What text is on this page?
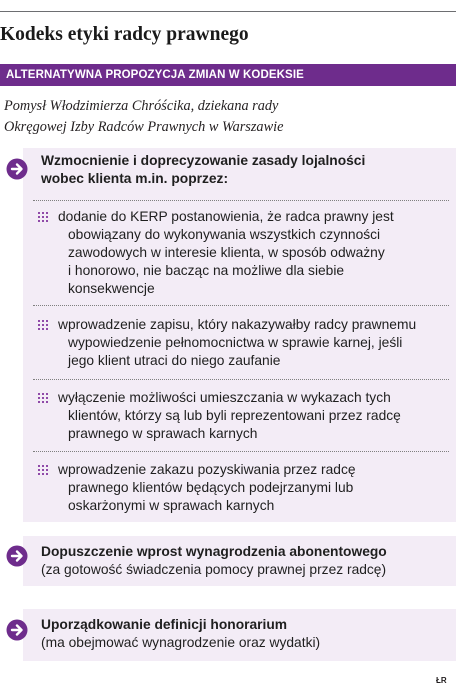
Kodeks etyki radcy prawnego
ALTERNATYWNA PROPOZYCJA ZMIAN W KODEKSIE
Pomysł Włodzimierza Chróścika, dziekana rady
Okręgowej Izby Radców Prawnych w Warszawie
Wzmocnienie i doprecyzowanie zasady lojalności
wobec klienta m.in. poprzez:
dodanie do KERP postanowienia, że radca prawny jest
obowiązany do wykonywania wszystkich czynności
zawodowych w interesie klienta, w sposób odważny
i honorowo, nie bacząc na możliwe dla siebie
konsekwencje
wprowadzenie zapisu, który nakazywałby radcy prawnemu
wypowiedzenie pełnomocnictwa w sprawie karnej, jeśli
jego klient utraci do niego zaufanie
wyłączenie możliwości umieszczania w wykazach tych
klientów, którzy są lub byli reprezentowani przez radcę
prawnego w sprawach karnych
wprowadzenie zakazu pozyskiwania przez radcę
prawnego klientów będących podejrzanymi lub
oskarżonymi w sprawach karnych
Dopuszczenie wprost wynagrodzenia abonentowego
(za gotowość świadczenia pomocy prawnej przez radcę)
Uporządkowanie definicji honorarium
(ma obejmować wynagrodzenie oraz wydatki)
ŁR
